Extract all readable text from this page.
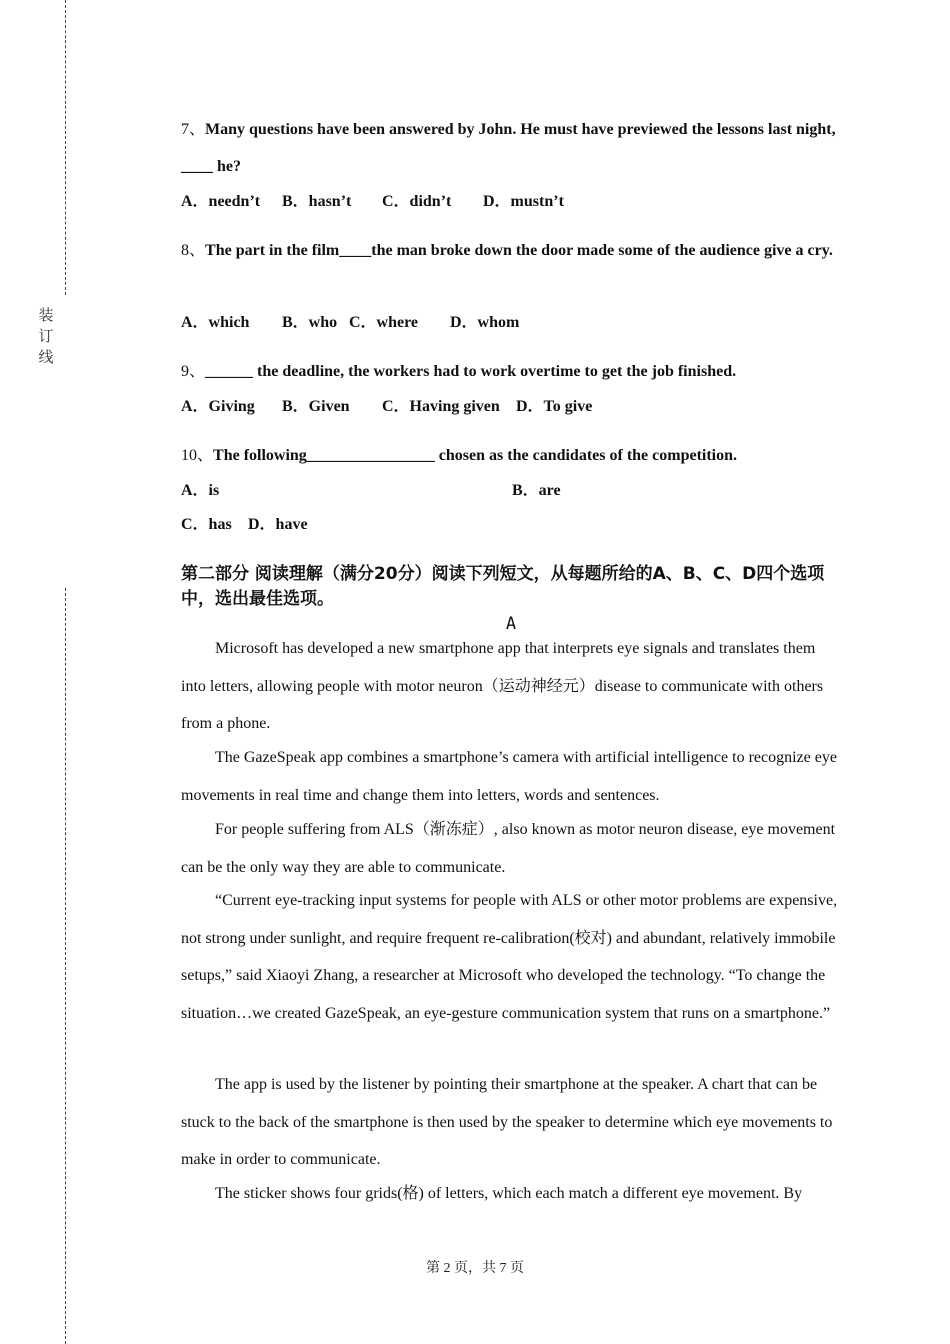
装订线
7、Many questions have been answered by John. He must have previewed the lessons last night, ____ he?
A．needn’t B．hasn’t C．didn’t D．mustn’t
8、The part in the film____the man broke down the door made some of the audience give a cry.
A．which B．who C．where D．whom
9、______ the deadline, the workers had to work overtime to get the job finished.
A．Giving B．Given C．Having given D．To give
10、The following________________ chosen as the candidates of the competition.
A．is	B．are
C．has D．have
第二部分 阅读理解（满分20分）阅读下列短文，从每题所给的A、B、C、D四个选项中，选出最佳选项。
A
Microsoft has developed a new smartphone app that interprets eye signals and translates them into letters, allowing people with motor neuron（运动神经元）disease to communicate with others from a phone.
The GazeSpeak app combines a smartphone’s camera with artificial intelligence to recognize eye movements in real time and change them into letters, words and sentences.
For people suffering from ALS（渐冻症）, also known as motor neuron disease, eye movement can be the only way they are able to communicate.
“Current eye-tracking input systems for people with ALS or other motor problems are expensive, not strong under sunlight, and require frequent re-calibration(校对) and abundant, relatively immobile setups,” said Xiaoyi Zhang, a researcher at Microsoft who developed the technology. “To change the situation…we created GazeSpeak, an eye-gesture communication system that runs on a smartphone.”
The app is used by the listener by pointing their smartphone at the speaker. A chart that can be stuck to the back of the smartphone is then used by the speaker to determine which eye movements to make in order to communicate.
The sticker shows four grids(格) of letters, which each match a different eye movement. By
第 2 页，共 7 页
